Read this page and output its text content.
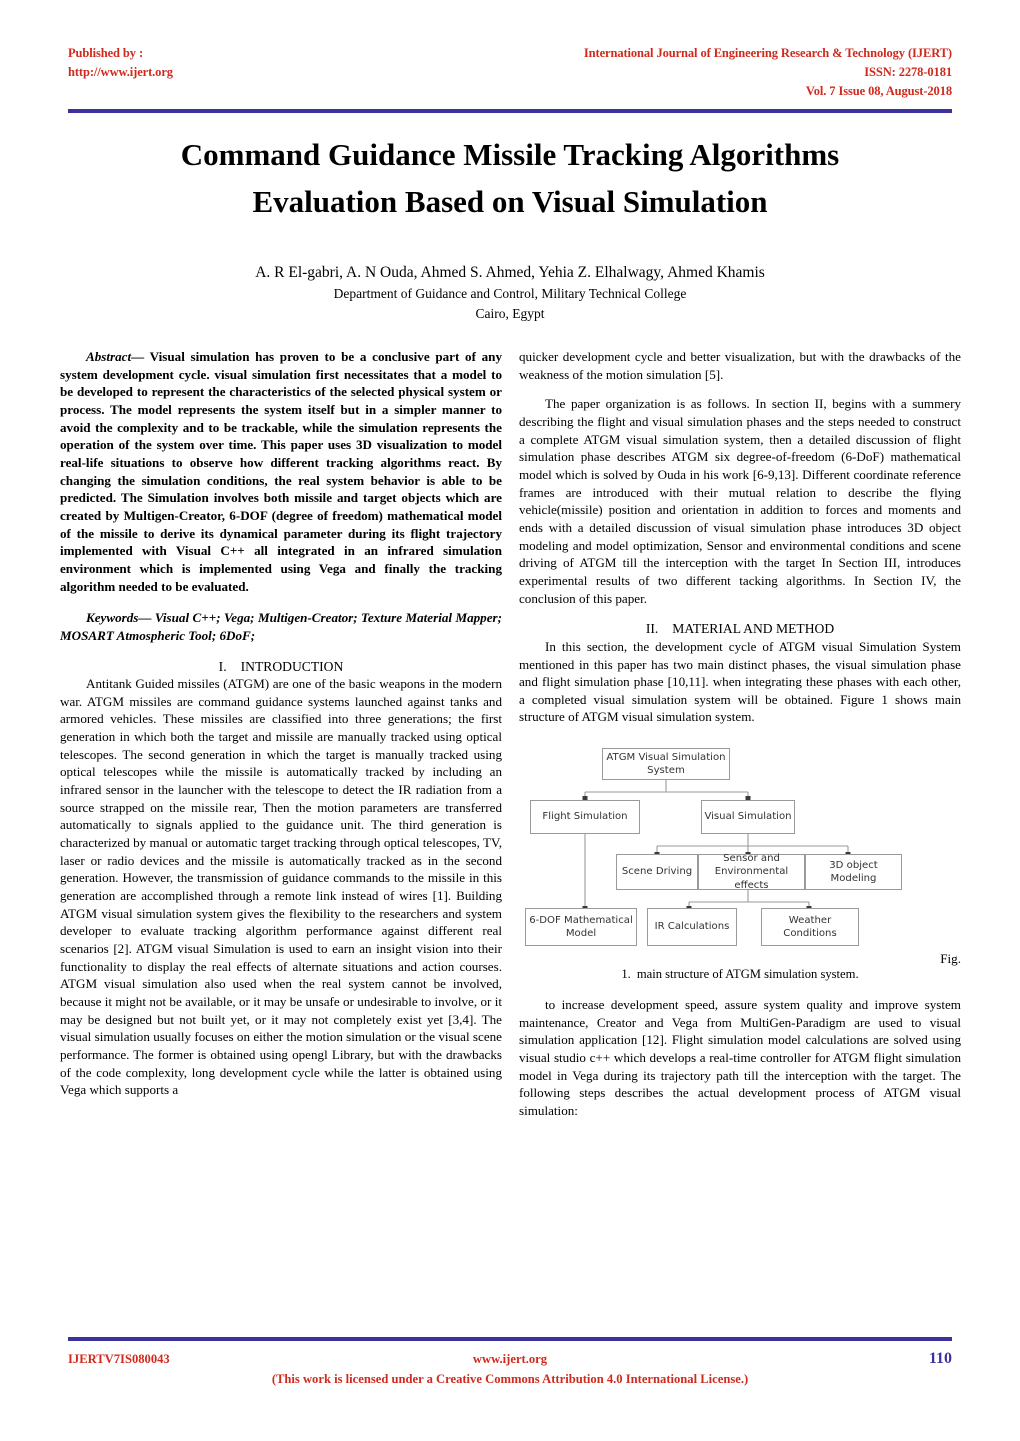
Published by :
http://www.ijert.org
International Journal of Engineering Research & Technology (IJERT)
ISSN: 2278-0181
Vol. 7 Issue 08, August-2018
Command Guidance Missile Tracking Algorithms
Evaluation Based on Visual Simulation
A. R El-gabri, A. N Ouda, Ahmed S. Ahmed, Yehia Z. Elhalwagy, Ahmed Khamis
Department of Guidance and Control, Military Technical College
Cairo, Egypt

Abstract— Visual simulation has proven to be a conclusive part of any system development cycle. visual simulation first necessitates that a model to be developed to represent the characteristics of the selected physical system or process. The model represents the system itself but in a simpler manner to avoid the complexity and to be trackable, while the simulation represents the operation of the system over time. This paper uses 3D visualization to model real-life situations to observe how different tracking algorithms react. By changing the simulation conditions, the real system behavior is able to be predicted. The Simulation involves both missile and target objects which are created by Multigen-Creator, 6-DOF (degree of freedom) mathematical model of the missile to derive its dynamical parameter during its flight trajectory implemented with Visual C++ all integrated in an infrared simulation environment which is implemented using Vega and finally the tracking algorithm needed to be evaluated.

Keywords— Visual C++; Vega; Multigen-Creator; Texture Material Mapper; MOSART Atmospheric Tool; 6DoF;

I. INTRODUCTION

Antitank Guided missiles (ATGM) are one of the basic weapons in the modern war. ATGM missiles are command guidance systems launched against tanks and armored vehicles. These missiles are classified into three generations; the first generation in which both the target and missile are manually tracked using optical telescopes. The second generation in which the target is manually tracked using optical telescopes while the missile is automatically tracked by including an infrared sensor in the launcher with the telescope to detect the IR radiation from a source strapped on the missile rear, Then the motion parameters are transferred automatically to signals applied to the guidance unit. The third generation is characterized by manual or automatic target tracking through optical telescopes, TV, laser or radio devices and the missile is automatically tracked as in the second generation. However, the transmission of guidance commands to the missile in this generation are accomplished through a remote link instead of wires [1]. Building ATGM visual simulation system gives the flexibility to the researchers and system developer to evaluate tracking algorithm performance against different real scenarios [2]. ATGM visual Simulation is used to earn an insight vision into their functionality to display the real effects of alternate situations and action courses. ATGM visual simulation also used when the real system cannot be involved, because it might not be available, or it may be unsafe or undesirable to involve, or it may be designed but not built yet, or it may not completely exist yet [3,4]. The visual simulation usually focuses on either the motion simulation or the visual scene performance. The former is obtained using opengl Library, but with the drawbacks of the code complexity, long development cycle while the latter is obtained using Vega which supports a

quicker development cycle and better visualization, but with the drawbacks of the weakness of the motion simulation [5].

The paper organization is as follows. In section II, begins with a summery describing the flight and visual simulation phases and the steps needed to construct a complete ATGM visual simulation system, then a detailed discussion of flight simulation phase describes ATGM six degree-of-freedom (6-DoF) mathematical model which is solved by Ouda in his work [6-9,13]. Different coordinate reference frames are introduced with their mutual relation to describe the flying vehicle(missile) position and orientation in addition to forces and moments and ends with a detailed discussion of visual simulation phase introduces 3D object modeling and model optimization, Sensor and environmental conditions and scene driving of ATGM till the interception with the target In Section III, introduces experimental results of two different tacking algorithms. In Section IV, the conclusion of this paper.

II. MATERIAL AND METHOD

In this section, the development cycle of ATGM visual Simulation System mentioned in this paper has two main distinct phases, the visual simulation phase and flight simulation phase [10,11]. when integrating these phases with each other, a completed visual simulation system will be obtained. Figure 1 shows main structure of ATGM visual simulation system.

ATGM Visual Simulation
System
Flight Simulation	Visual Simulation
Scene Driving
Sensor and
Environmental effects
3D object Modeling
6-DOF Mathematical
Model
IR Calculations
Weather Conditions
Fig.
1. main structure of ATGM simulation system.

to increase development speed, assure system quality and improve system maintenance, Creator and Vega from MultiGen-Paradigm are used to visual simulation application [12]. Flight simulation model calculations are solved using visual studio c++ which develops a real-time controller for ATGM flight simulation model in Vega during its trajectory path till the interception with the target. The following steps describes the actual development process of ATGM visual simulation:

IJERTV7IS080043	www.ijert.org	110
(This work is licensed under a Creative Commons Attribution 4.0 International License.)
